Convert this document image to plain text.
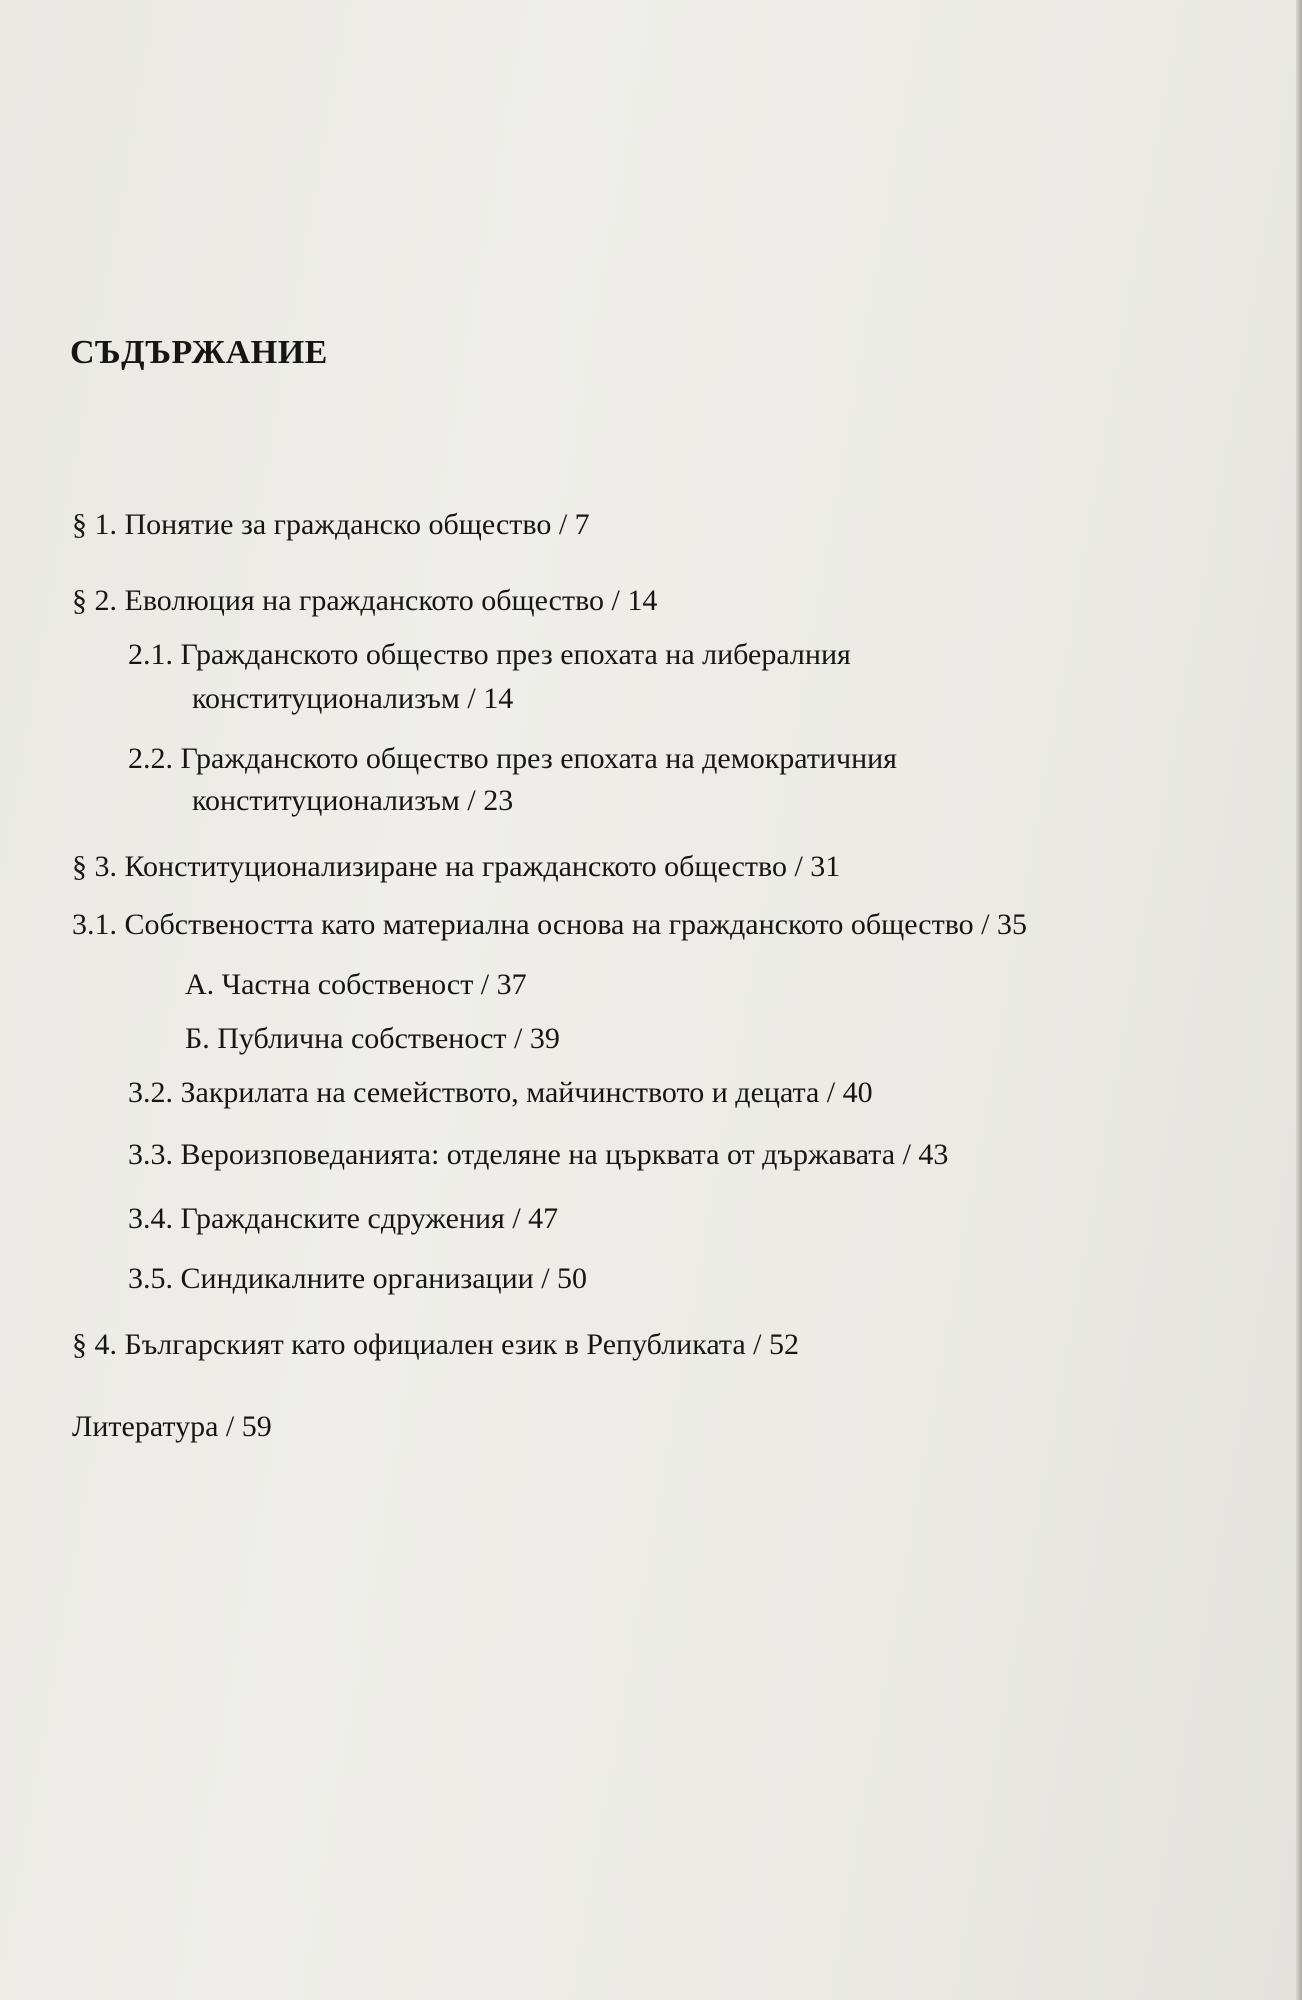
СЪДЪРЖАНИЕ

§ 1. Понятие за гражданско общество / 7

§ 2. Еволюция на гражданското общество / 14

2.1. Гражданското общество през епохата на либералния

конституционализъм / 14

2.2. Гражданското общество през епохата на демократичния

конституционализъм / 23

§ 3. Конституционализиране на гражданското общество / 31

3.1. Собствеността като материална основа на гражданското общество / 35

А. Частна собственост / 37

Б. Публична собственост / 39

3.2. Закрилата на семейството, майчинството и децата / 40

3.3. Вероизповеданията: отделяне на църквата от държавата / 43

3.4. Гражданските сдружения / 47

3.5. Синдикалните организации / 50

§ 4. Българският като официален език в Републиката / 52

Литература / 59
